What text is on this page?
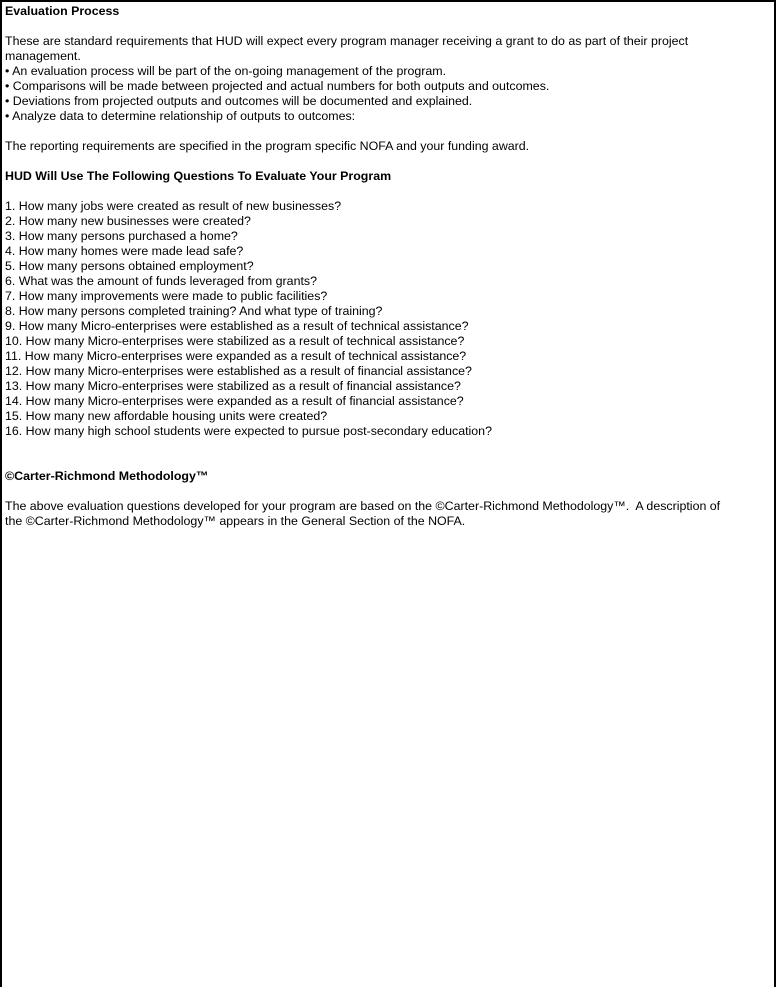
Evaluation Process
These are standard requirements that HUD will expect every program manager receiving a grant to do as part of their project
management.
• An evaluation process will be part of the on-going management of the program.
• Comparisons will be made between projected and actual numbers for both outputs and outcomes.
• Deviations from projected outputs and outcomes will be documented and explained.
• Analyze data to determine relationship of outputs to outcomes:
The reporting requirements are specified in the program specific NOFA and your funding award.
HUD Will Use The Following Questions To Evaluate Your Program
1. How many jobs were created as result of new businesses?
2. How many new businesses were created?
3. How many persons purchased a home?
4. How many homes were made lead safe?
5. How many persons obtained employment?
6. What was the amount of funds leveraged from grants?
7. How many improvements were made to public facilities?
8. How many persons completed training? And what type of training?
9. How many Micro-enterprises were established as a result of technical assistance?
10. How many Micro-enterprises were stabilized as a result of technical assistance?
11. How many Micro-enterprises were expanded as a result of technical assistance?
12. How many Micro-enterprises were established as a result of financial assistance?
13. How many Micro-enterprises were stabilized as a result of financial assistance?
14. How many Micro-enterprises were expanded as a result of financial assistance?
15. How many new affordable housing units were created?
16. How many high school students were expected to pursue post-secondary education?
©Carter-Richmond Methodology™
The above evaluation questions developed for your program are based on the ©Carter-Richmond Methodology™.  A description of
the ©Carter-Richmond Methodology™ appears in the General Section of the NOFA.
